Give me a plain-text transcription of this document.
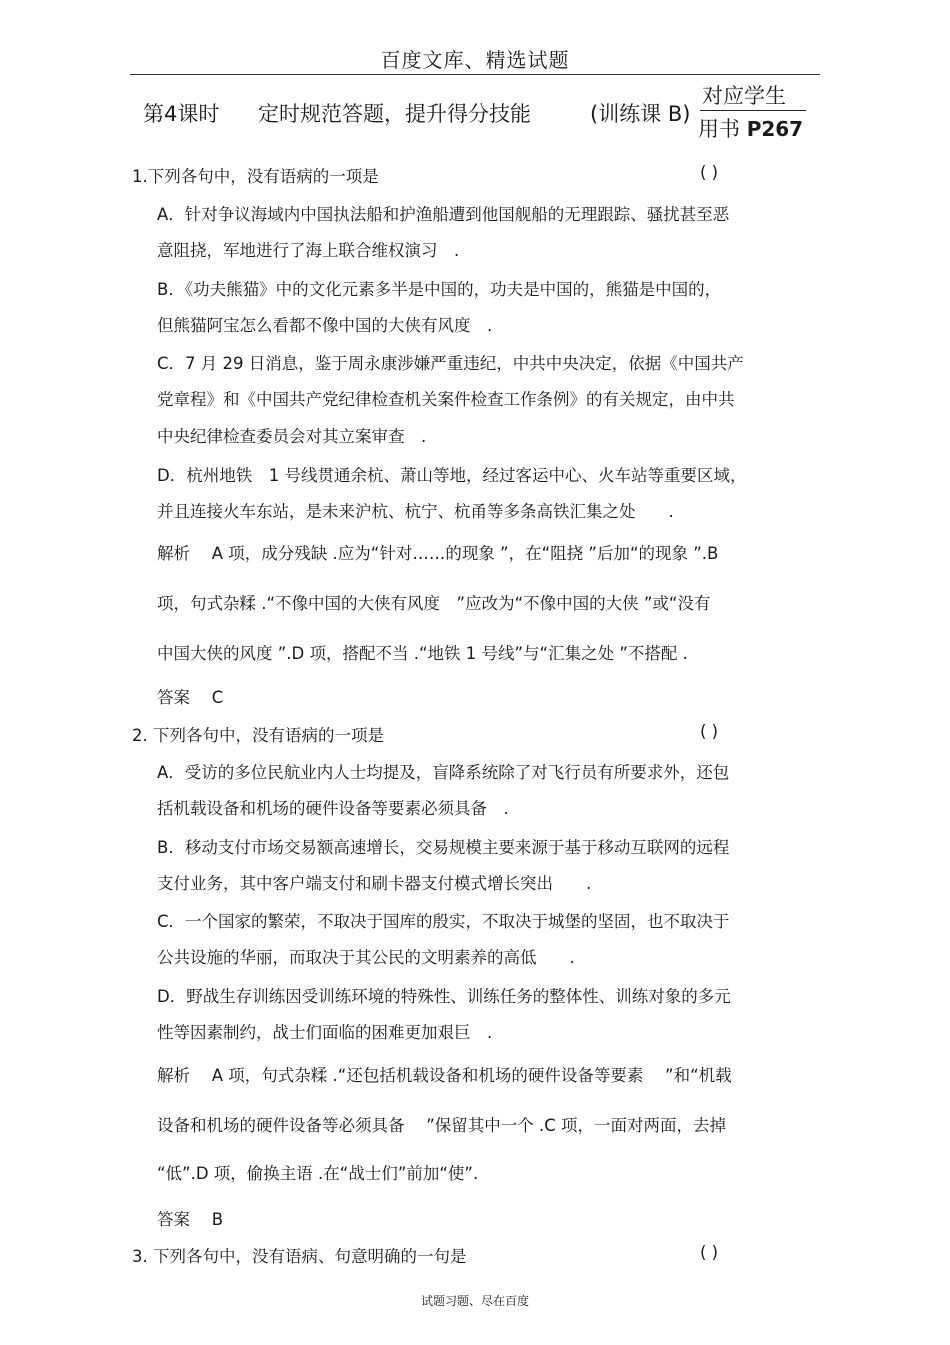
百度文库、精选试题
第4课时 定时规范答题，提升得分技能	(训练课 B)
对应学生
用书 P267
1.下列各句中，没有语病的一项是	( )
A．针对争议海域内中国执法船和护渔船遭到他国舰船的无理跟踪、骚扰甚至恶
意阻挠，军地进行了海上联合维权演习　.
B．《功夫熊猫》中的文化元素多半是中国的，功夫是中国的，熊猫是中国的，
但熊猫阿宝怎么看都不像中国的大侠有风度　.
C．7 月 29 日消息，鉴于周永康涉嫌严重违纪，中共中央决定，依据《中国共产
党章程》和《中国共产党纪律检查机关案件检查工作条例》的有关规定，由中共
中央纪律检查委员会对其立案审查　.
D．杭州地铁　1 号线贯通余杭、萧山等地，经过客运中心、火车站等重要区域，
并且连接火车东站，是未来沪杭、杭宁、杭甬等多条高铁汇集之处　　.
解析　 A 项，成分残缺 .应为“针对……的现象 ”，在“阻挠 ”后加“的现象 ”.B
项，句式杂糅 .“不像中国的大侠有风度　”应改为“不像中国的大侠 ”或“没有
中国大侠的风度 ”.D 项，搭配不当 .“地铁 1 号线”与“汇集之处 ”不搭配 .
答案　 C
2. 下列各句中，没有语病的一项是	( )
A．受访的多位民航业内人士均提及，盲降系统除了对飞行员有所要求外，还包
括机载设备和机场的硬件设备等要素必须具备　.
B．移动支付市场交易额高速增长，交易规模主要来源于基于移动互联网的远程
支付业务，其中客户端支付和刷卡器支付模式增长突出　　.
C．一个国家的繁荣，不取决于国库的殷实，不取决于城堡的坚固，也不取决于
公共设施的华丽，而取决于其公民的文明素养的高低　　.
D．野战生存训练因受训练环境的特殊性、训练任务的整体性、训练对象的多元
性等因素制约，战士们面临的困难更加艰巨　.
解析　 A 项，句式杂糅 .“还包括机载设备和机场的硬件设备等要素　 ”和“机载
设备和机场的硬件设备等必须具备　 ”保留其中一个 .C 项，一面对两面，去掉
“低”.D 项，偷换主语 .在“战士们”前加“使”.
答案　 B
3. 下列各句中，没有语病、句意明确的一句是	( )
试题习题、尽在百度
